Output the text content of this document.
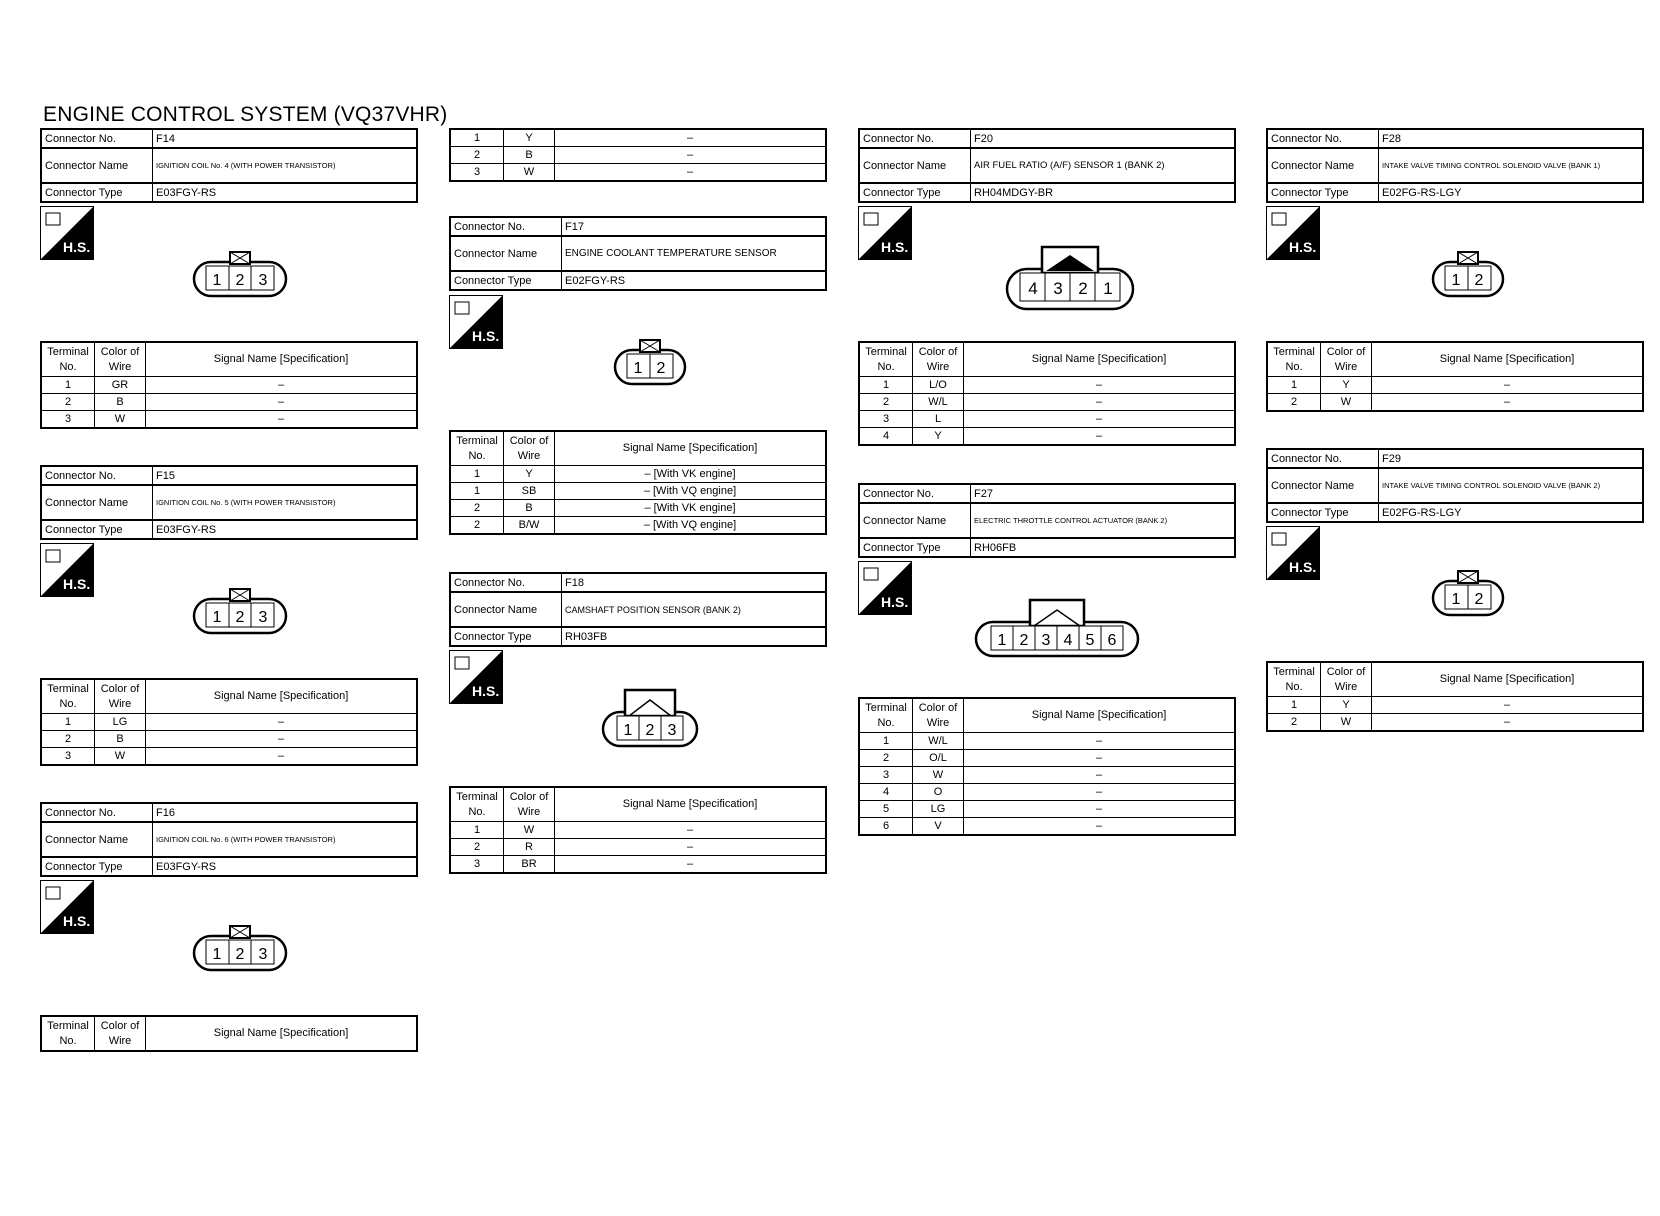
ENGINE CONTROL SYSTEM (VQ37VHR)
Connector No.	F14
Connector Name	IGNITION COIL No. 4 (WITH POWER TRANSISTOR)
Connector Type	E03FGY-RS
H.S.
1 2 3
Terminal No.	Color of Wire	Signal Name [Specification]
1	GR	–
2	B	–
3	W	–
Connector No.	F15
Connector Name	IGNITION COIL No. 5 (WITH POWER TRANSISTOR)
Connector Type	E03FGY-RS
H.S.
1 2 3
Terminal No.	Color of Wire	Signal Name [Specification]
1	LG	–
2	B	–
3	W	–
Connector No.	F16
Connector Name	IGNITION COIL No. 6 (WITH POWER TRANSISTOR)
Connector Type	E03FGY-RS
H.S.
1 2 3
Terminal No.	Color of Wire	Signal Name [Specification]
1	Y	–
2	B	–
3	W	–
Connector No.	F17
Connector Name	ENGINE COOLANT TEMPERATURE SENSOR
Connector Type	E02FGY-RS
H.S.
1 2
Terminal No.	Color of Wire	Signal Name [Specification]
1	Y	– [With VK engine]
1	SB	– [With VQ engine]
2	B	– [With VK engine]
2	B/W	– [With VQ engine]
Connector No.	F18
Connector Name	CAMSHAFT POSITION SENSOR (BANK 2)
Connector Type	RH03FB
H.S.
1 2 3
Terminal No.	Color of Wire	Signal Name [Specification]
1	W	–
2	R	–
3	BR	–
Connector No.	F20
Connector Name	AIR FUEL RATIO (A/F) SENSOR 1 (BANK 2)
Connector Type	RH04MDGY-BR
H.S.
4 3 2 1
Terminal No.	Color of Wire	Signal Name [Specification]
1	L/O	–
2	W/L	–
3	L	–
4	Y	–
Connector No.	F27
Connector Name	ELECTRIC THROTTLE CONTROL ACTUATOR (BANK 2)
Connector Type	RH06FB
H.S.
1 2 3 4 5 6
Terminal No.	Color of Wire	Signal Name [Specification]
1	W/L	–
2	O/L	–
3	W	–
4	O	–
5	LG	–
6	V	–
Connector No.	F28
Connector Name	INTAKE VALVE TIMING CONTROL SOLENOID VALVE (BANK 1)
Connector Type	E02FG-RS-LGY
H.S.
1 2
Terminal No.	Color of Wire	Signal Name [Specification]
1	Y	–
2	W	–
Connector No.	F29
Connector Name	INTAKE VALVE TIMING CONTROL SOLENOID VALVE (BANK 2)
Connector Type	E02FG-RS-LGY
H.S.
1 2
Terminal No.	Color of Wire	Signal Name [Specification]
1	Y	–
2	W	–
